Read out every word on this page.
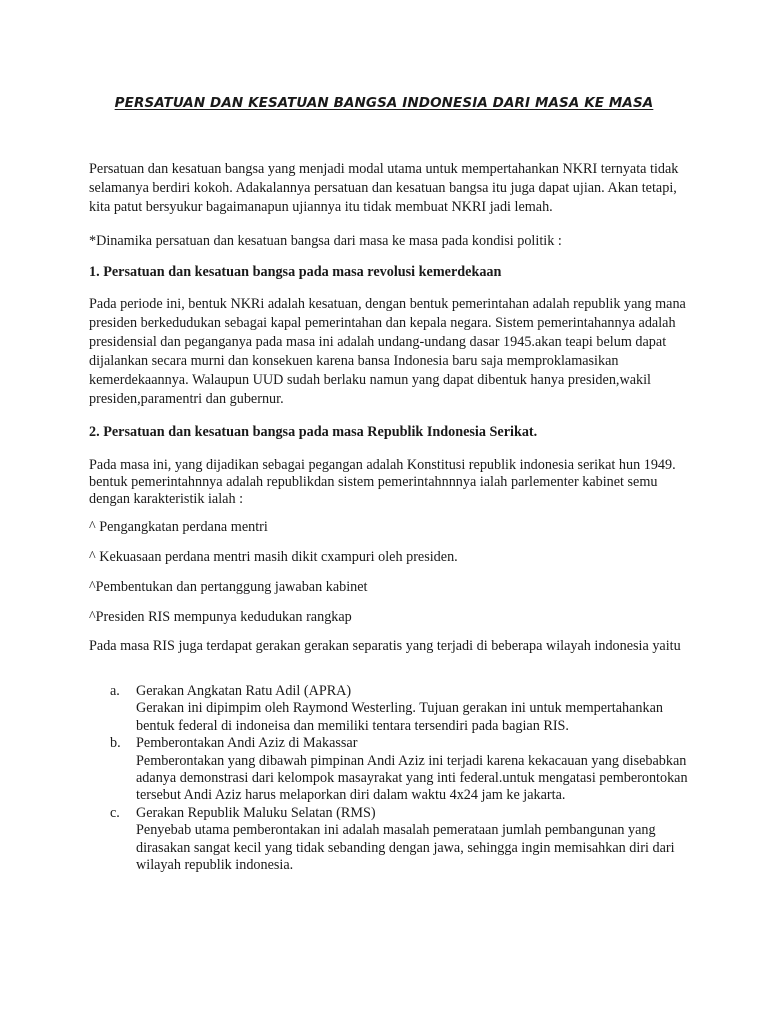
PERSATUAN DAN KESATUAN BANGSA INDONESIA DARI MASA KE MASA
Persatuan dan kesatuan bangsa yang menjadi modal utama untuk mempertahankan NKRI ternyata tidak selamanya berdiri kokoh. Adakalannya persatuan dan kesatuan bangsa itu juga dapat ujian. Akan tetapi, kita patut bersyukur bagaimanapun ujiannya itu tidak membuat NKRI jadi lemah.
*Dinamika persatuan dan kesatuan bangsa dari masa ke masa pada kondisi politik :
1. Persatuan dan kesatuan bangsa pada masa revolusi kemerdekaan
Pada periode ini, bentuk NKRi adalah kesatuan, dengan bentuk pemerintahan adalah republik yang mana presiden berkedudukan sebagai kapal pemerintahan dan kepala negara. Sistem pemerintahannya adalah presidensial dan peganganya pada masa ini adalah undang-undang dasar 1945.akan teapi belum dapat dijalankan secara murni dan konsekuen karena bansa Indonesia baru saja memproklamasikan kemerdekaannya. Walaupun UUD sudah berlaku namun yang dapat dibentuk hanya presiden,wakil presiden,paramentri dan gubernur.
2. Persatuan dan kesatuan bangsa pada masa Republik Indonesia Serikat.
Pada masa ini, yang dijadikan sebagai pegangan adalah Konstitusi republik indonesia serikat hun 1949. bentuk pemerintahnnya adalah republikdan sistem pemerintahnnnya ialah parlementer kabinet semu dengan karakteristik ialah :
^ Pengangkatan perdana mentri
^ Kekuasaan perdana mentri masih dikit cxampuri oleh presiden.
^Pembentukan dan pertanggung jawaban kabinet
^Presiden RIS mempunya kedudukan rangkap
Pada masa RIS juga terdapat gerakan gerakan separatis yang terjadi di beberapa wilayah indonesia yaitu
a. Gerakan Angkatan Ratu Adil (APRA)
Gerakan ini dipimpim oleh Raymond Westerling. Tujuan gerakan ini untuk mempertahankan bentuk federal di indoneisa dan memiliki tentara tersendiri pada bagian RIS.
b. Pemberontakan Andi Aziz di Makassar
Pemberontakan yang dibawah pimpinan Andi Aziz ini terjadi karena kekacauan yang disebabkan adanya demonstrasi dari kelompok masayrakat yang inti federal.untuk mengatasi pemberontokan tersebut Andi Aziz harus melaporkan diri dalam waktu 4x24 jam ke jakarta.
c. Gerakan Republik Maluku Selatan (RMS)
Penyebab utama pemberontakan ini adalah masalah pemerataan jumlah pembangunan yang dirasakan sangat kecil yang tidak sebanding dengan jawa, sehingga ingin memisahkan diri dari wilayah republik indonesia.
